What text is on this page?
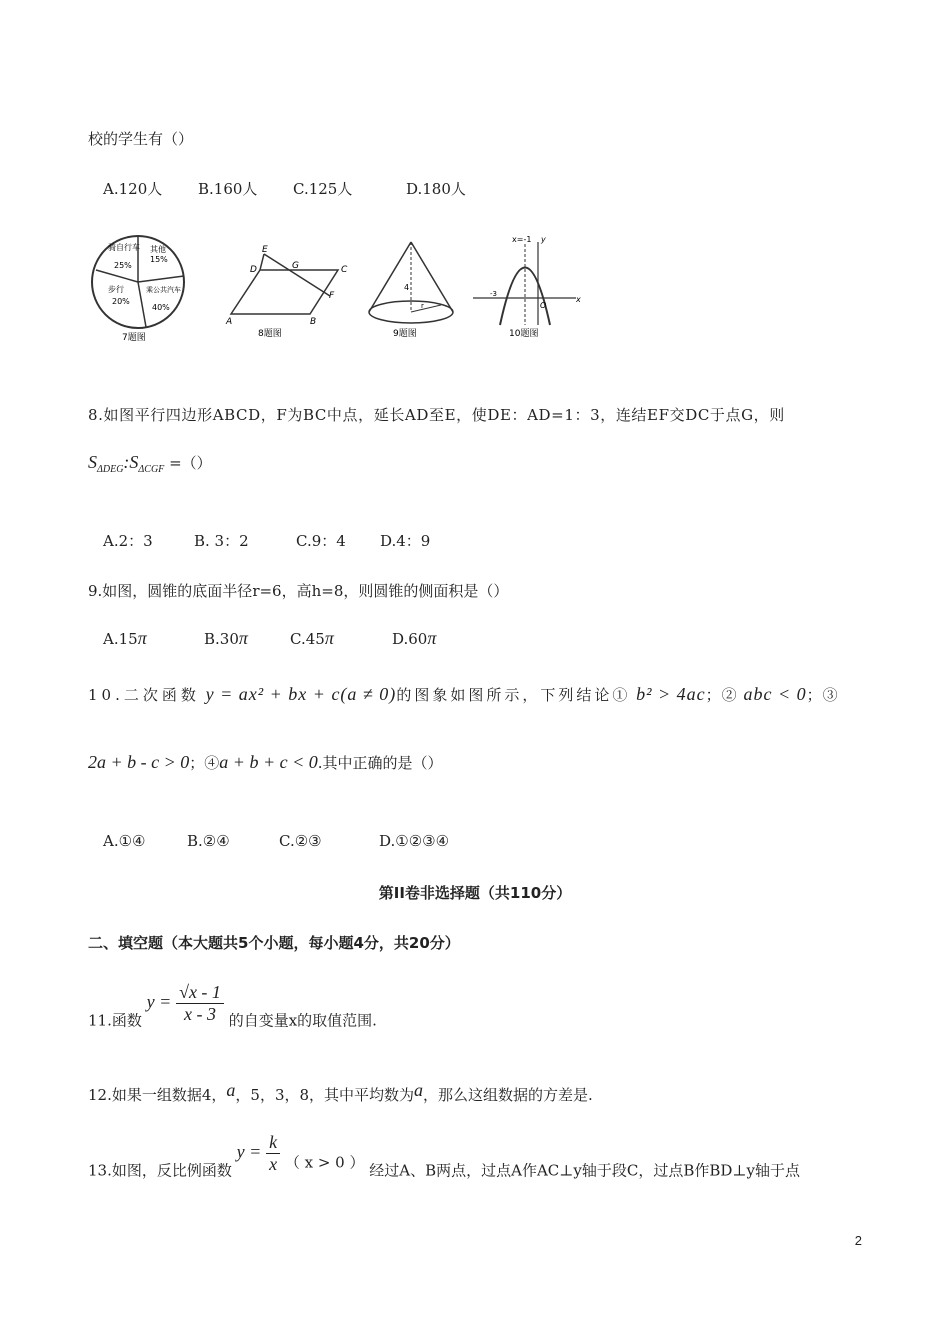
校的学生有（）
A.120人 B.160人 C.125人	D.180人
骑自行车
25%
其他
15%
乘公共汽车
40%
步行
20%
7题图
E
D	G	C
F
A	B
8题图
4
r
9题图
x=-1 y
x
-3
O
10题图
8.如图平行四边形ABCD，F为BC中点，延长AD至E，使DE：AD=1：3，连结EF交DC于点G，则
$S_{\Delta DEG}:S_{\Delta CGF}$ =（）
A.2：3	B. 3：2	C.9：4 D.4：9
9.如图，圆锥的底面半径r=6，高h=8，则圆锥的侧面积是（）
A.15π	B.30π	C.45π	D.60π
10.二次函数 y = ax² + bx + c(a ≠ 0)的图象如图所示，下列结论① b² > 4ac；② abc < 0；③
2a + b - c > 0；④a + b + c < 0.其中正确的是（）
A.①④	B.②④	C.②③	D.①②③④
第II卷非选择题（共110分）
二、填空题（本大题共5个小题，每小题4分，共20分）
11.函数 $y = \frac{√x - 1}{x - 3}$ 的自变量x的取值范围.
12.如果一组数据4，a，5，3，8，其中平均数为a，那么这组数据的方差是.
13.如图，反比例函数 $y = \frac{k}{x}$ （ x > 0 ） 经过A、B两点，过点A作AC⊥y轴于段C，过点B作BD⊥y轴于点
2
